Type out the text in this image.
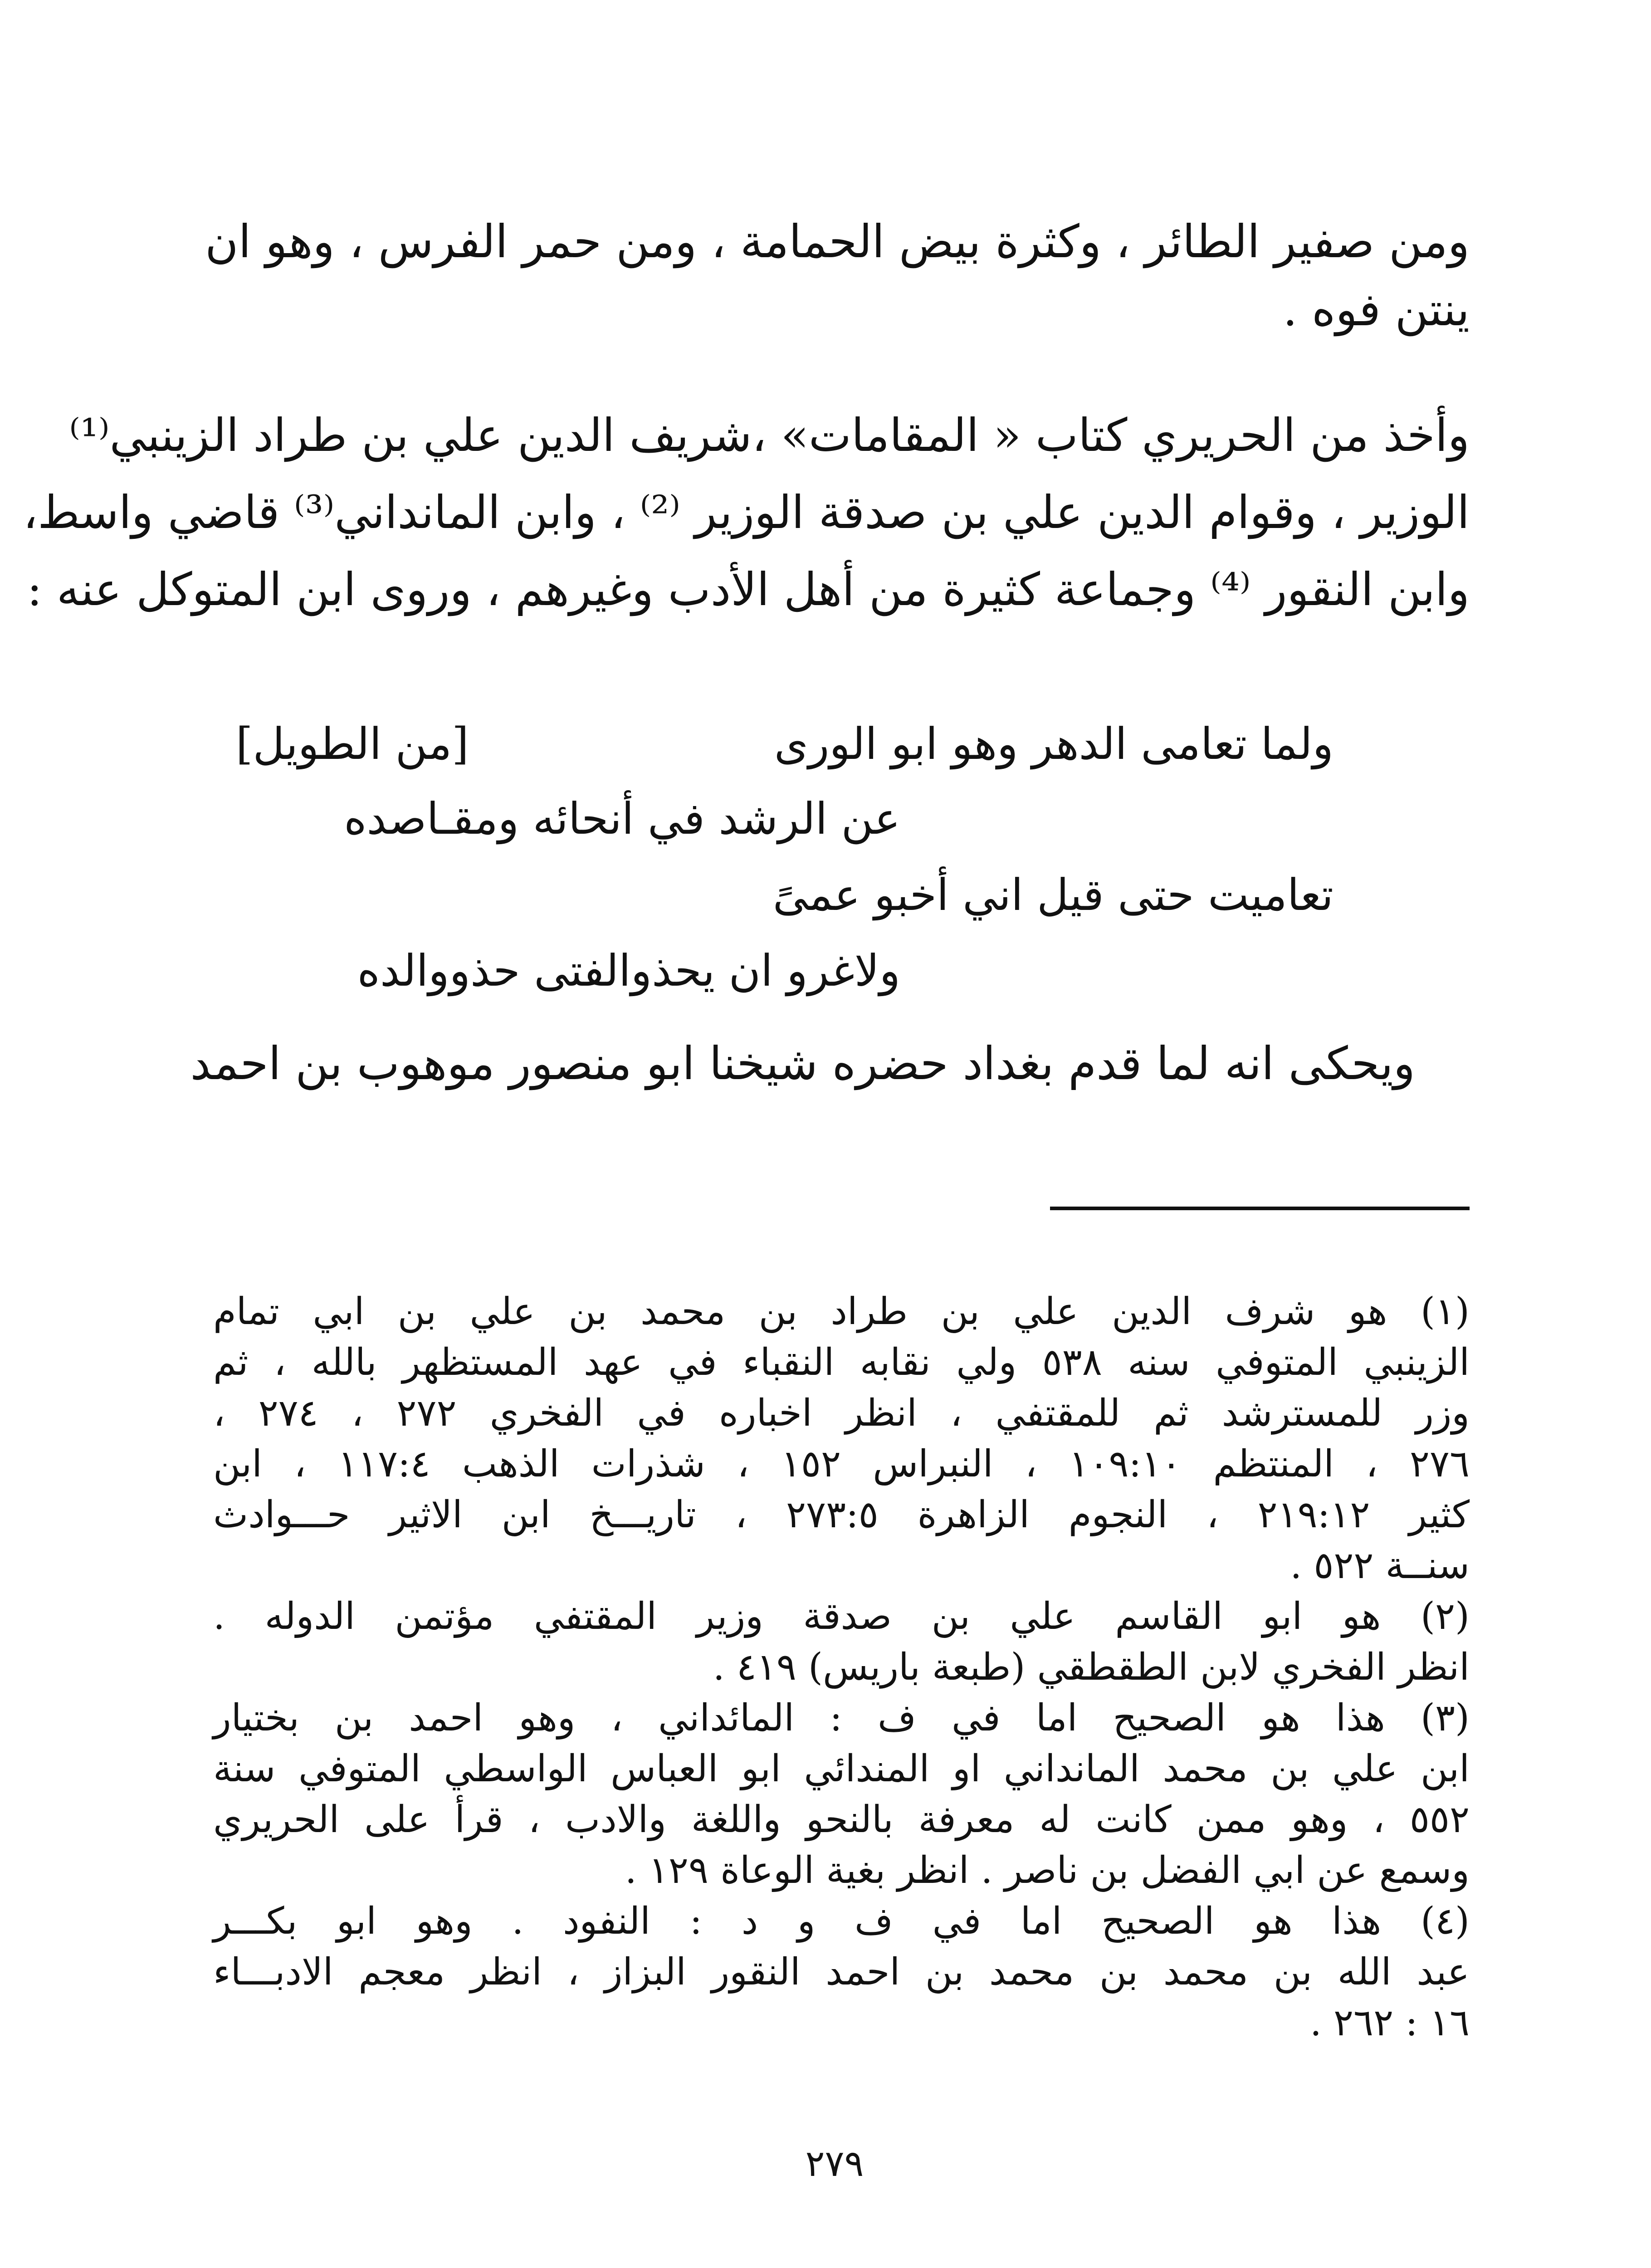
ومن صفير الطائر ، وكثرة بيض الحمامة ، ومن حمر الفرس ، وهو ان
ينتن فوه .
وأخذ من الحريري كتاب « المقامات» ،شريف الدين علي بن طراد الزينبي⁽¹⁾
الوزير ، وقوام الدين علي بن صدقة الوزير ⁽²⁾ ، وابن المانداني⁽³⁾ قاضي واسط،
وابن النقور ⁽⁴⁾ وجماعة كثيرة من أهل الأدب وغيرهم ، وروى ابن المتوكل عنه :
[من الطويل]	ولما تعامى الدهر وهو ابو الورى
عن الرشد في أنحائه ومقـاصده
تعاميت حتى قيل اني أخبو عمىً
ولاغرو ان يحذوالفتى حذووالده
ويحكى انه لما قدم بغداد حضره شيخنا ابو منصور موهوب بن احمد
(١) هو شرف الدين علي بن طراد بن محمد بن علي بن ابي تمام
الزينبي المتوفي سنه ٥٣٨ ولي نقابه النقباء في عهد المستظهر بالله ، ثم
وزر للمسترشد ثم للمقتفي ، انظر اخباره في الفخري ٢٧٢ ، ٢٧٤ ،
٢٧٦ ، المنتظم ١٠٩:١٠ ، النبراس ١٥٢ ، شذرات الذهب ١١٧:٤ ، ابن
كثير ٢١٩:١٢ ، النجوم الزاهرة ٢٧٣:٥ ، تاريـــخ ابن الاثير حـــوادث
سنــة ٥٢٢ .
(٢) هو ابو القاسم علي بن صدقة وزير المقتفي مؤتمن الدوله .
انظر الفخري لابن الطقطقي (طبعة باريس) ٤١٩ .
(٣) هذا هو الصحيح اما في ف : المائداني ، وهو احمد بن بختيار
ابن علي بن محمد المانداني او المندائي ابو العباس الواسطي المتوفي سنة
٥٥٢ ، وهو ممن كانت له معرفة بالنحو واللغة والادب ، قرأ على الحريري
وسمع عن ابي الفضل بن ناصر . انظر بغية الوعاة ١٢٩ .
(٤) هذا هو الصحيح اما في ف و د : النفود . وهو ابو بكـــر
عبد الله بن محمد بن محمد بن احمد النقور البزاز ، انظر معجم الادبـــاء
١٦ : ٢٦٢ .
٢٧٩
